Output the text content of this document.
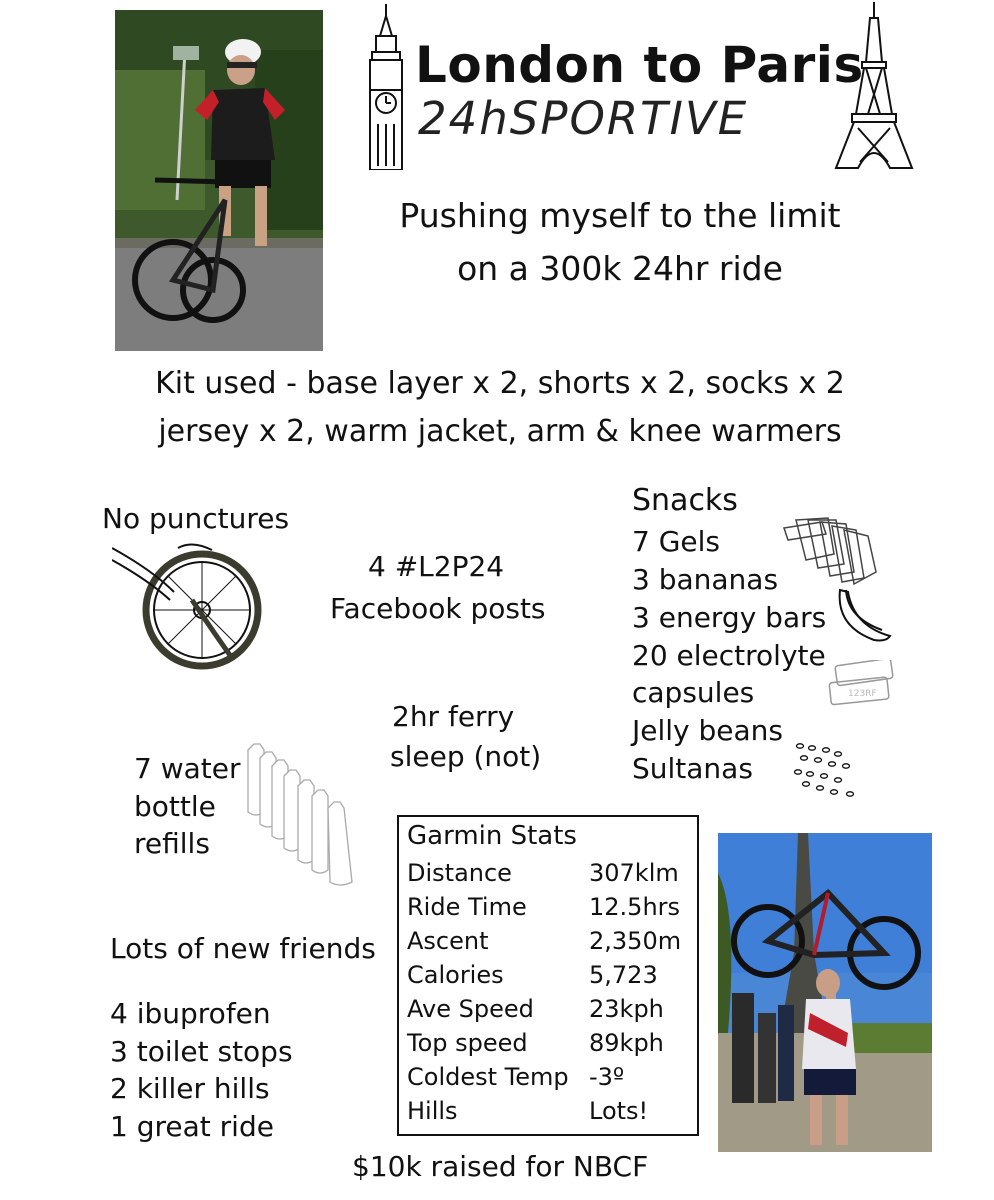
London to Paris
24hSPORTIVE
Pushing myself to the limit
on a 300k 24hr ride
Kit used - base layer x 2, shorts x 2, socks x 2
jersey x 2, warm jacket, arm & knee warmers
No punctures
4 #L2P24
Facebook posts
Snacks
7 Gels
3 bananas
3 energy bars
20 electrolyte
capsules
Jelly beans
Sultanas
123RF
2hr ferry
sleep (not)
7 water
bottle
refills
Lots of new friends
4 ibuprofen
3 toilet stops
2 killer hills
1 great ride
Garmin Stats
Distance	307klm
Ride Time	12.5hrs
Ascent	2,350m
Calories	5,723
Ave Speed 23kph
Top speed	89kph
Coldest Temp -3º
Hills	Lots!
$10k raised for NBCF
